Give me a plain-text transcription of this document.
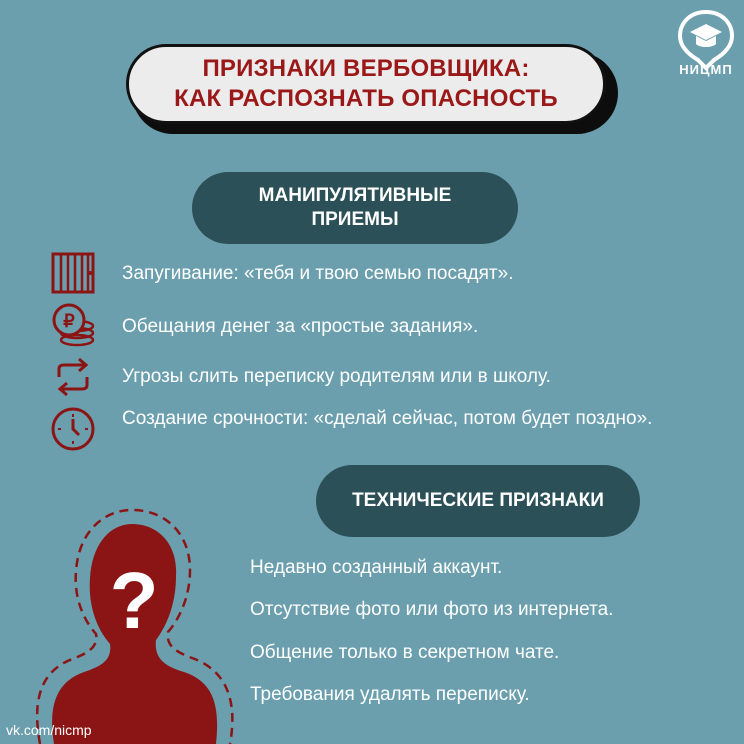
ПРИЗНАКИ ВЕРБОВЩИКА:
КАК РАСПОЗНАТЬ ОПАСНОСТЬ
НИЦМП
МАНИПУЛЯТИВНЫЕ
ПРИЕМЫ
Запугивание: «тебя и твою семью посадят».
₽ Обещания денег за «простые задания».
Угрозы слить переписку родителям или в школу.
Создание срочности: «сделай сейчас, потом будет поздно».
ТЕХНИЧЕСКИЕ ПРИЗНАКИ
?	Недавно созданный аккаунт.
Отсутствие фото или фото из интернета.
Общение только в секретном чате.
Требования удалять переписку.
vk.com/nicmp
